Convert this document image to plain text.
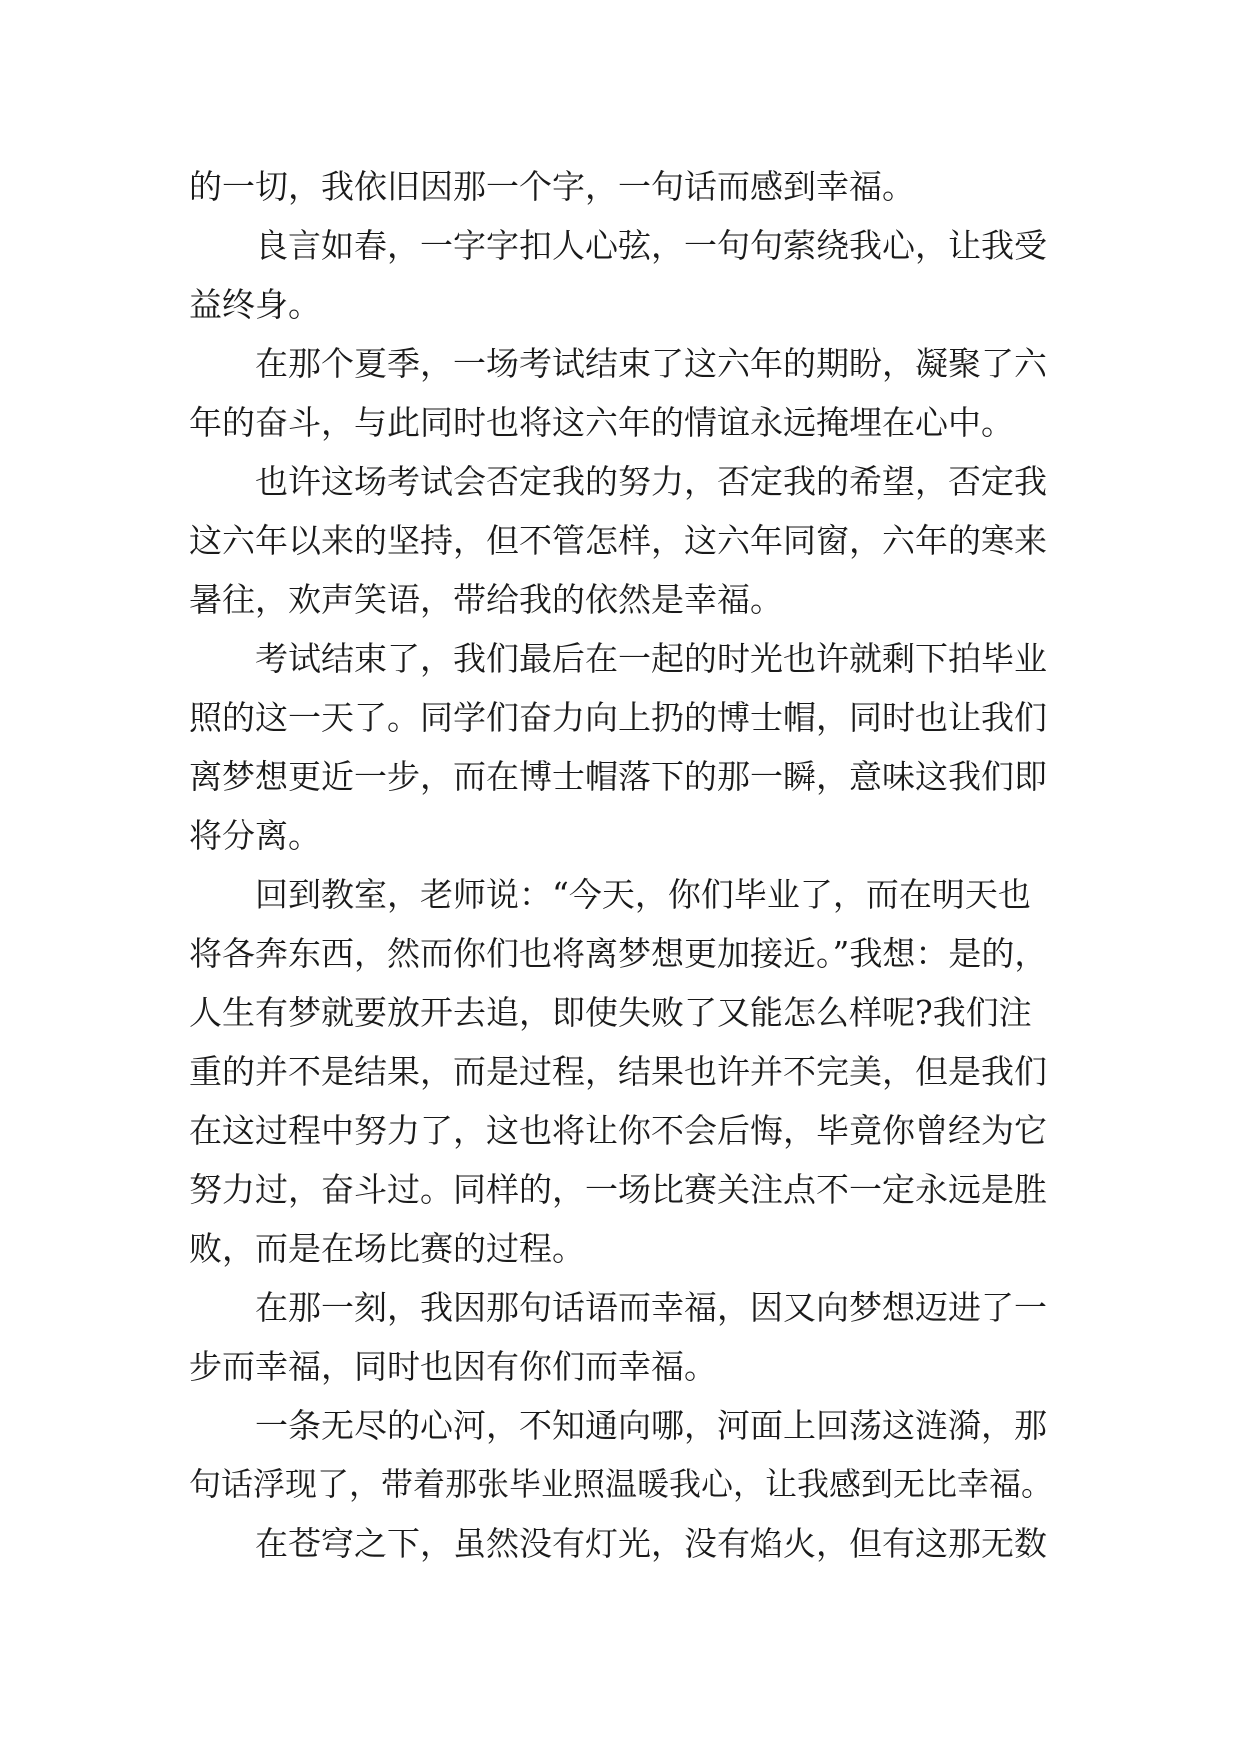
的一切，我依旧因那一个字，一句话而感到幸福。
良言如春，一字字扣人心弦，一句句萦绕我心，让我受
益终身。
在那个夏季，一场考试结束了这六年的期盼，凝聚了六
年的奋斗，与此同时也将这六年的情谊永远掩埋在心中。
也许这场考试会否定我的努力，否定我的希望，否定我
这六年以来的坚持，但不管怎样，这六年同窗，六年的寒来
暑往，欢声笑语，带给我的依然是幸福。
考试结束了，我们最后在一起的时光也许就剩下拍毕业
照的这一天了。同学们奋力向上扔的博士帽，同时也让我们
离梦想更近一步，而在博士帽落下的那一瞬，意味这我们即
将分离。
回到教室，老师说：“今天，你们毕业了，而在明天也
将各奔东西，然而你们也将离梦想更加接近。”我想：是的，
人生有梦就要放开去追，即使失败了又能怎么样呢?我们注
重的并不是结果，而是过程，结果也许并不完美，但是我们
在这过程中努力了，这也将让你不会后悔，毕竟你曾经为它
努力过，奋斗过。同样的，一场比赛关注点不一定永远是胜
败，而是在场比赛的过程。
在那一刻，我因那句话语而幸福，因又向梦想迈进了一
步而幸福，同时也因有你们而幸福。
一条无尽的心河，不知通向哪，河面上回荡这涟漪，那
句话浮现了，带着那张毕业照温暖我心，让我感到无比幸福。
在苍穹之下，虽然没有灯光，没有焰火，但有这那无数
